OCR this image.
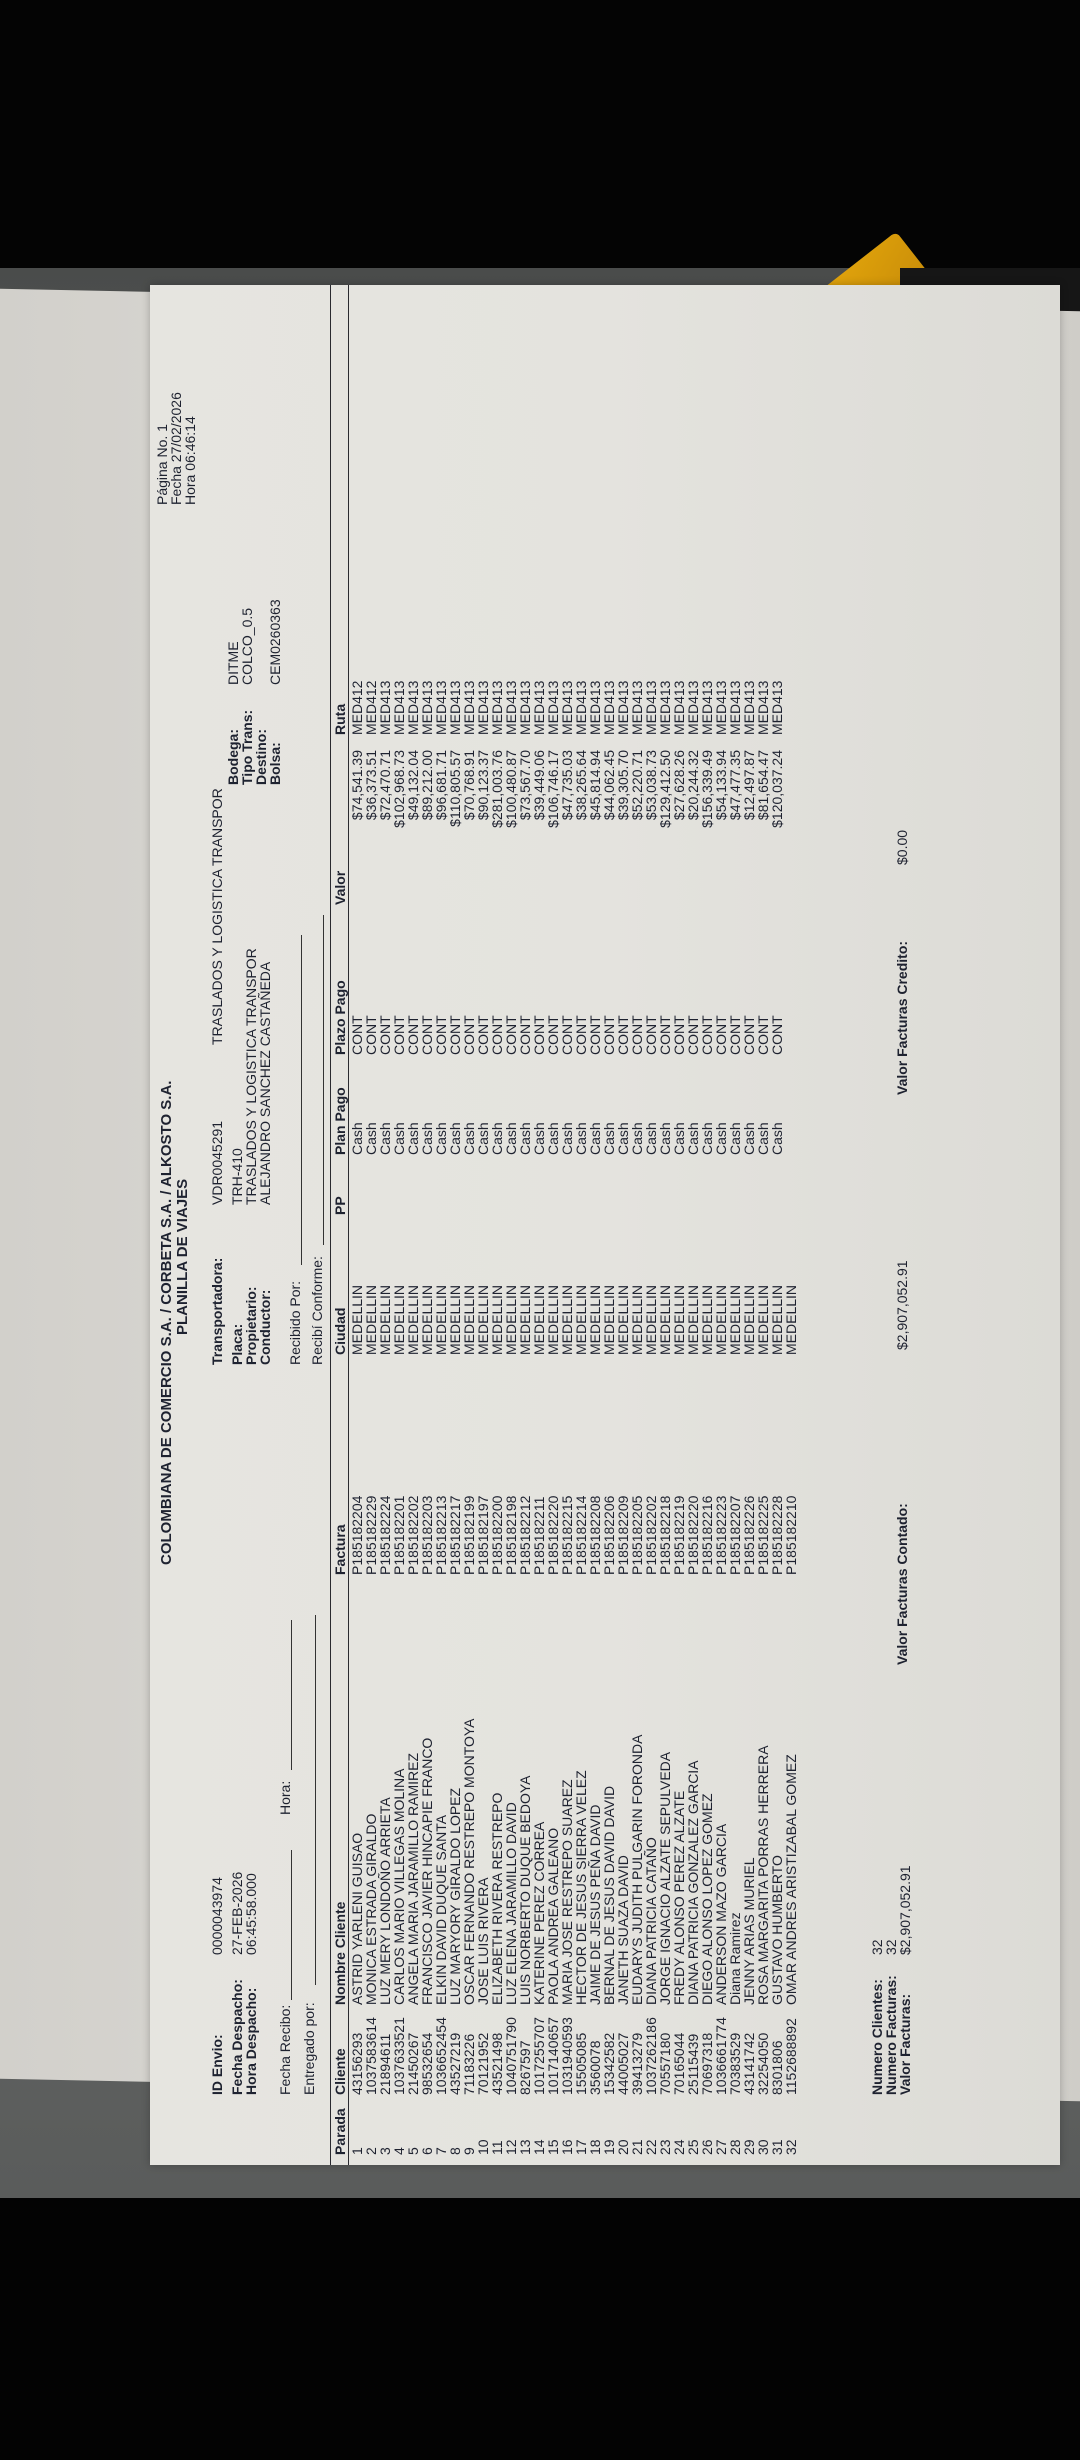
COLOMBIANA DE COMERCIO S.A. / CORBETA S.A. / ALKOSTO S.A. PLANILLA DE VIAJES
Página No. 1
Fecha 27/02/2026
Hora 06:46:14
ID Envio:
0000043974
Fecha Despacho:
27-FEB-2026
Hora Despacho:
06:45:58.000
Transportadora:
VDR0045291
TRASLADOS Y LOGISTICA TRANSPOR
Placa:
TRH-410
Propietario:
TRASLADOS Y LOGISTICA TRANSPOR
Conductor:
ALEJANDRO SANCHEZ CASTAÑEDA
Bodega:
DITME
Tipo Trans:
COLCO_0.5
Destino:
Bolsa:
CEM0260363
Fecha Recibo:
Hora:
Entregado por:
Recibido Por: Recibí Conforme:
Parada
Cliente
Nombre Cliente
Factura
Ciudad
PP
Plan Pago
Plazo Pago
Valor
Ruta
1
2
3
4
5
6
7
8
9
10
11
12
13
14
15
16
17
18
19
20
21
22
23
24
25
26
27
28
29
30
31
32
43156293
1037583614
21894611
1037633521
21450267
98532654
1036652454
43527219
71183226
70121952
43521498
1040751790
8267597
1017255707
1017140657
1031940593
15505085
3560078
15342582
44005027
39413279
1037262186
70557180
70165044
25115439
70697318
1036661774
70383529
43141742
32254050
8301806
1152688892
ASTRID YARLENI GUISAO
MONICA ESTRADA GIRALDO
LUZ MERY LONDOÑO ARRIETA
CARLOS MARIO VILLEGAS MOLINA
ANGELA MARIA JARAMILLO RAMIREZ
FRANCISCO JAVIER HINCAPIE FRANCO
ELKIN DAVID DUQUE SANTA
LUZ MARYORY GIRALDO LOPEZ
OSCAR FERNANDO RESTREPO MONTOYA
JOSE LUIS RIVERA
ELIZABETH RIVERA RESTREPO
LUZ ELENA JARAMILLO DAVID
LUIS NORBERTO DUQUE BEDOYA
KATERINE PEREZ CORREA
PAOLA ANDREA GALEANO
MARIA JOSE RESTREPO SUAREZ
HECTOR DE JESUS SIERRA VELEZ
JAIME DE JESUS PEÑA DAVID
BERNAL DE JESUS DAVID DAVID
JANETH SUAZA DAVID
EUDARYS JUDITH PULGARIN FORONDA
DIANA PATRICIA CATAÑO
JORGE IGNACIO ALZATE SEPULVEDA
FREDY ALONSO PEREZ ALZATE
DIANA PATRICIA GONZALEZ GARCIA
DIEGO ALONSO LOPEZ GOMEZ
ANDERSON MAZO GARCIA
Diana Ramirez
JENNY ARIAS MURIEL
ROSA MARGARITA PORRAS HERRERA
GUSTAVO HUMBERTO
OMAR ANDRES ARISTIZABAL GOMEZ
P185182204
P185182229
P185182224
P185182201
P185182202
P185182203
P185182213
P185182217
P185182199
P185182197
P185182200
P185182198
P185182212
P185182211
P185182220
P185182215
P185182214
P185182208
P185182206
P185182209
P185182205
P185182202
P185182218
P185182219
P185182220
P185182216
P185182223
P185182207
P185182226
P185182225
P185182228
P185182210
MEDELLIN
MEDELLIN
MEDELLIN
MEDELLIN
MEDELLIN
MEDELLIN
MEDELLIN
MEDELLIN
MEDELLIN
MEDELLIN
MEDELLIN
MEDELLIN
MEDELLIN
MEDELLIN
MEDELLIN
MEDELLIN
MEDELLIN
MEDELLIN
MEDELLIN
MEDELLIN
MEDELLIN
MEDELLIN
MEDELLIN
MEDELLIN
MEDELLIN
MEDELLIN
MEDELLIN
MEDELLIN
MEDELLIN
MEDELLIN
MEDELLIN
MEDELLIN
Cash
Cash
Cash
Cash
Cash
Cash
Cash
Cash
Cash
Cash
Cash
Cash
Cash
Cash
Cash
Cash
Cash
Cash
Cash
Cash
Cash
Cash
Cash
Cash
Cash
Cash
Cash
Cash
Cash
Cash
Cash
CONT
CONT
CONT
CONT
CONT
CONT
CONT
CONT
CONT
CONT
CONT
CONT
CONT
CONT
CONT
CONT
CONT
CONT
CONT
CONT
CONT
CONT
CONT
CONT
CONT
CONT
CONT
CONT
CONT
CONT
CONT
$74,541.39
$36,373.51
$72,470.71
$102,968.73
$49,132.04
$89,212.00
$96,681.71
$110,805.57
$70,768.91
$90,123.37
$281,003.76
$100,480.87
$73,567.70
$39,449.06
$106,746.17
$47,735.03
$38,265.64
$45,814.94
$44,062.45
$39,305.70
$52,220.71
$53,038.73
$129,412.50
$27,628.26
$20,244.32
$156,339.49
$54,133.94
$47,477.35
$12,497.87
$81,654.47
$120,037.24
MED412
MED412
MED413
MED413
MED413
MED413
MED413
MED413
MED413
MED413
MED413
MED413
MED413
MED413
MED413
MED413
MED413
MED413
MED413
MED413
MED413
MED413
MED413
MED413
MED413
MED413
MED413
MED413
MED413
MED413
MED413
Numero Clientes:
32
Numero Facturas:
32
Valor Facturas:
$2,907,052.91
Valor Facturas Contado:
$2,907,052.91
Valor Facturas Credito:
$0.00
